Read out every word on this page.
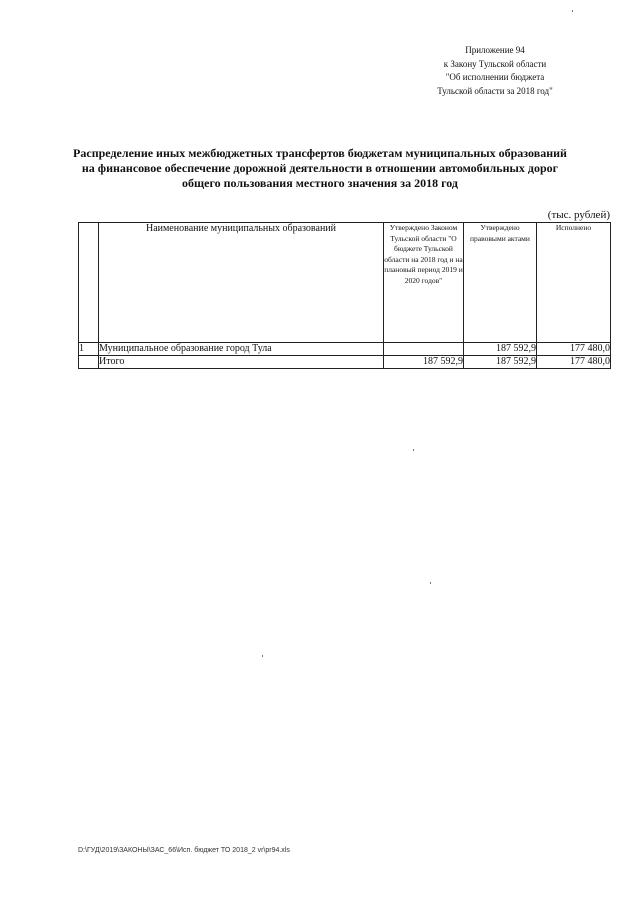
Приложение 94
к Закону Тульской области
"Об исполнении бюджета
Тульской области за 2018 год"
Распределение иных межбюджетных трансфертов бюджетам муниципальных образований
на финансовое обеспечение дорожной деятельности в отношении автомобильных дорог
общего пользования местного значения за 2018 год
(тыс. рублей)
	Наименование муниципальных образований	Утверждено Законом Тульской области "О бюджете Тульской области на 2018 год и на плановый период 2019 и 2020 годов"	Утверждено правовыми актами	Исполнено
1	Муниципальное образование город Тула		187 592,9	177 480,0
	Итого	187 592,9	187 592,9	177 480,0
D:\ГУД\2019\ЗАКОНЫ\ЗАС_66\Исп. бюджет ТО 2018_2 vr\pr94.xls
